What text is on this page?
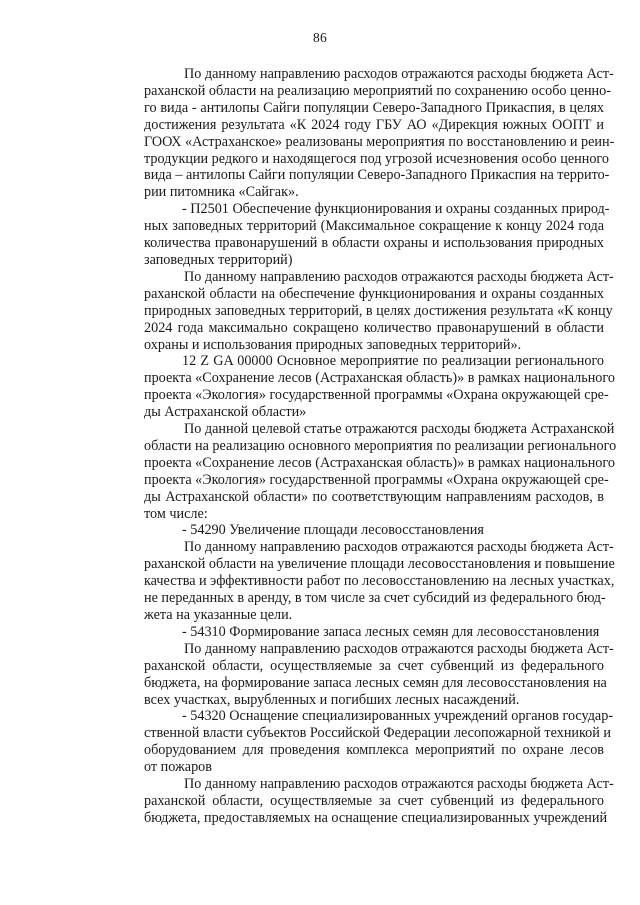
86
По данному направлению расходов отражаются расходы бюджета Аст-
раханской области на реализацию мероприятий по сохранению особо ценно-
го вида - антилопы Сайги популяции Северо-Западного Прикаспия, в целях
достижения результата «К 2024 году ГБУ АО «Дирекция южных ООПТ и
ГООХ «Астраханское» реализованы мероприятия по восстановлению и реин-
тродукции редкого и находящегося под угрозой исчезновения особо ценного
вида – антилопы Сайги популяции Северо-Западного Прикаспия на террито-
рии питомника «Сайгак».
- П2501 Обеспечение функционирования и охраны созданных природ-
ных заповедных территорий (Максимальное сокращение к концу 2024 года
количества правонарушений в области охраны и использования природных
заповедных территорий)
По данному направлению расходов отражаются расходы бюджета Аст-
раханской области на обеспечение функционирования и охраны созданных
природных заповедных территорий, в целях достижения результата «К концу
2024 года максимально сокращено количество правонарушений в области
охраны и использования природных заповедных территорий».
12 Z GA 00000 Основное мероприятие по реализации регионального
проекта «Сохранение лесов (Астраханская область)» в рамках национального
проекта «Экология» государственной программы «Охрана окружающей сре-
ды Астраханской области»
По данной целевой статье отражаются расходы бюджета Астраханской
области на реализацию основного мероприятия по реализации регионального
проекта «Сохранение лесов (Астраханская область)» в рамках национального
проекта «Экология» государственной программы «Охрана окружающей сре-
ды Астраханской области» по соответствующим направлениям расходов, в
том числе:
- 54290 Увеличение площади лесовосстановления
По данному направлению расходов отражаются расходы бюджета Аст-
раханской области на увеличение площади лесовосстановления и повышение
качества и эффективности работ по лесовосстановлению на лесных участках,
не переданных в аренду, в том числе за счет субсидий из федерального бюд-
жета на указанные цели.
- 54310 Формирование запаса лесных семян для лесовосстановления
По данному направлению расходов отражаются расходы бюджета Аст-
раханской области, осуществляемые за счет субвенций из федерального
бюджета, на формирование запаса лесных семян для лесовосстановления на
всех участках, вырубленных и погибших лесных насаждений.
- 54320 Оснащение специализированных учреждений органов государ-
ственной власти субъектов Российской Федерации лесопожарной техникой и
оборудованием для проведения комплекса мероприятий по охране лесов
от пожаров
По данному направлению расходов отражаются расходы бюджета Аст-
раханской области, осуществляемые за счет субвенций из федерального
бюджета, предоставляемых на оснащение специализированных учреждений
